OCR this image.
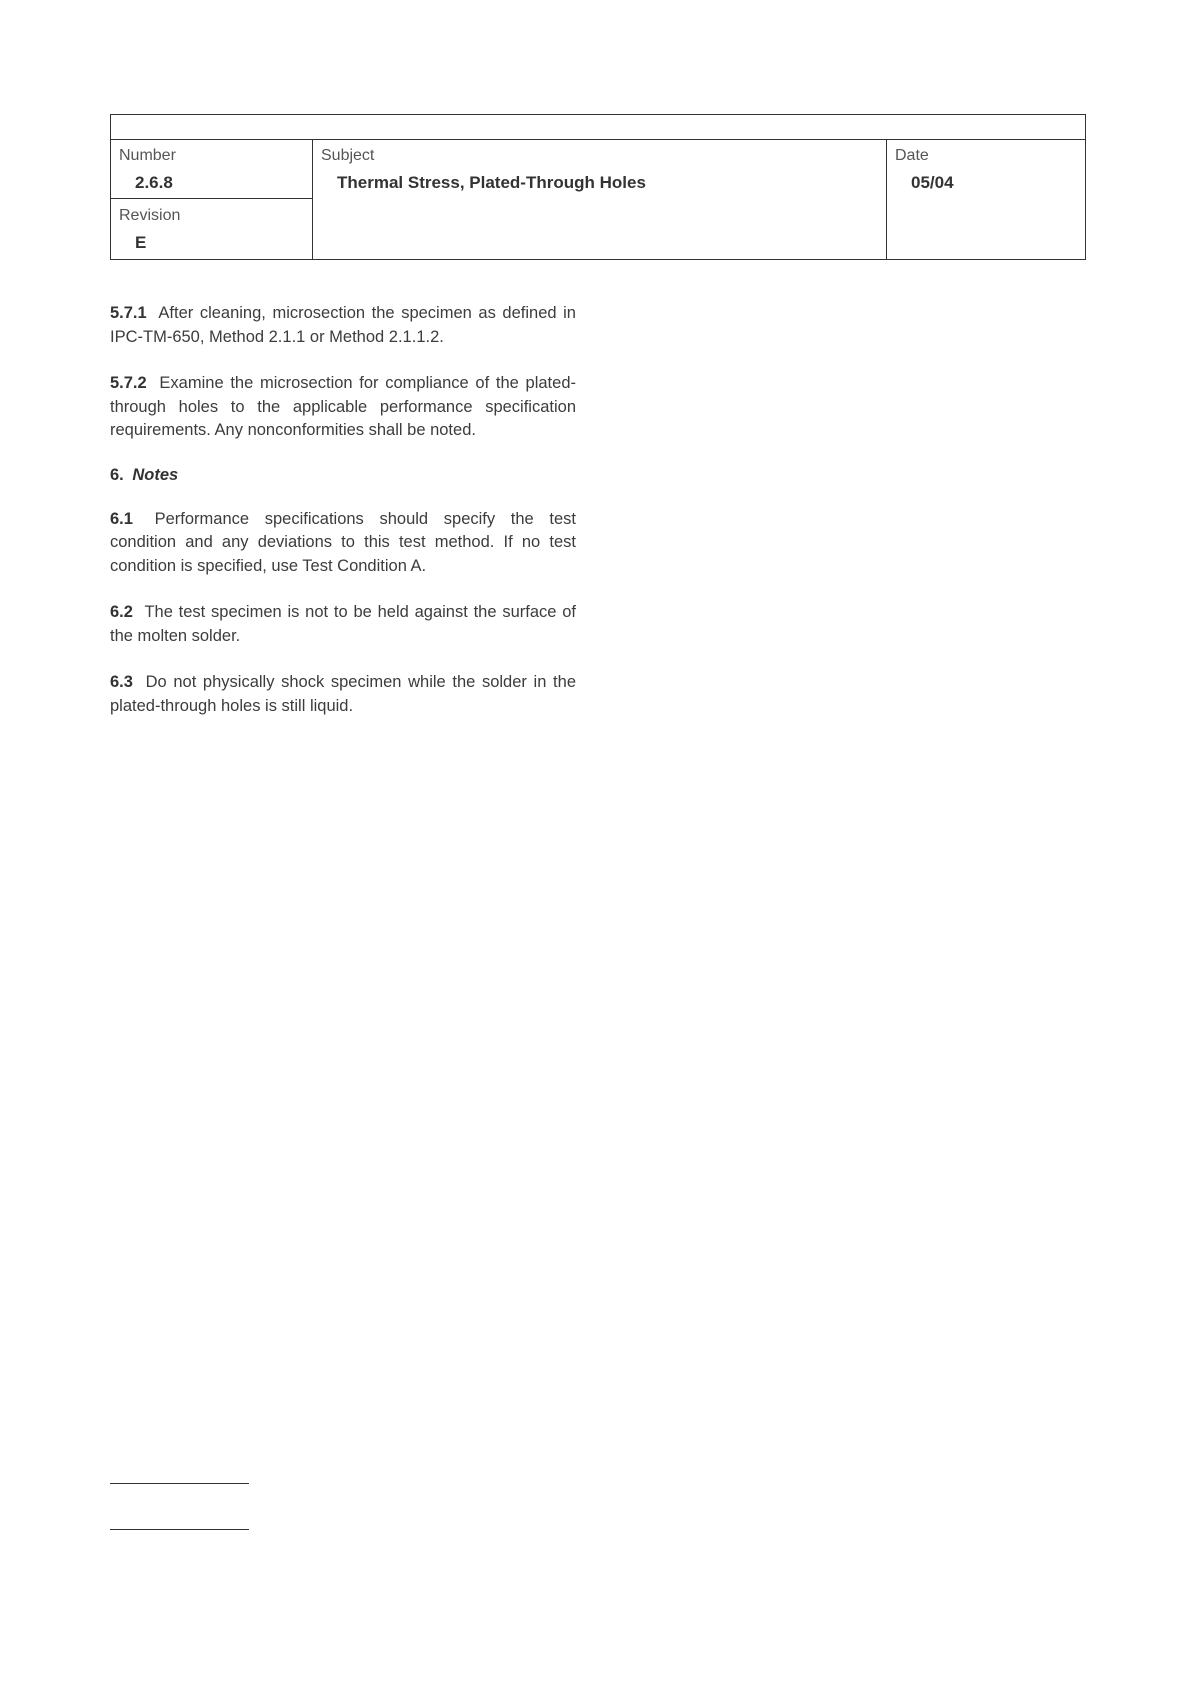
Number
2.6.8
Revision
E
Subject
Thermal Stress, Plated-Through Holes
Date
05/04

5.7.1 After cleaning, microsection the specimen as defined in IPC-TM-650, Method 2.1.1 or Method 2.1.1.2.

5.7.2 Examine the microsection for compliance of the plated-through holes to the applicable performance specification requirements. Any nonconformities shall be noted.

6. Notes

6.1 Performance specifications should specify the test condition and any deviations to this test method. If no test condition is specified, use Test Condition A.

6.2 The test specimen is not to be held against the surface of the molten solder.

6.3 Do not physically shock specimen while the solder in the plated-through holes is still liquid.
